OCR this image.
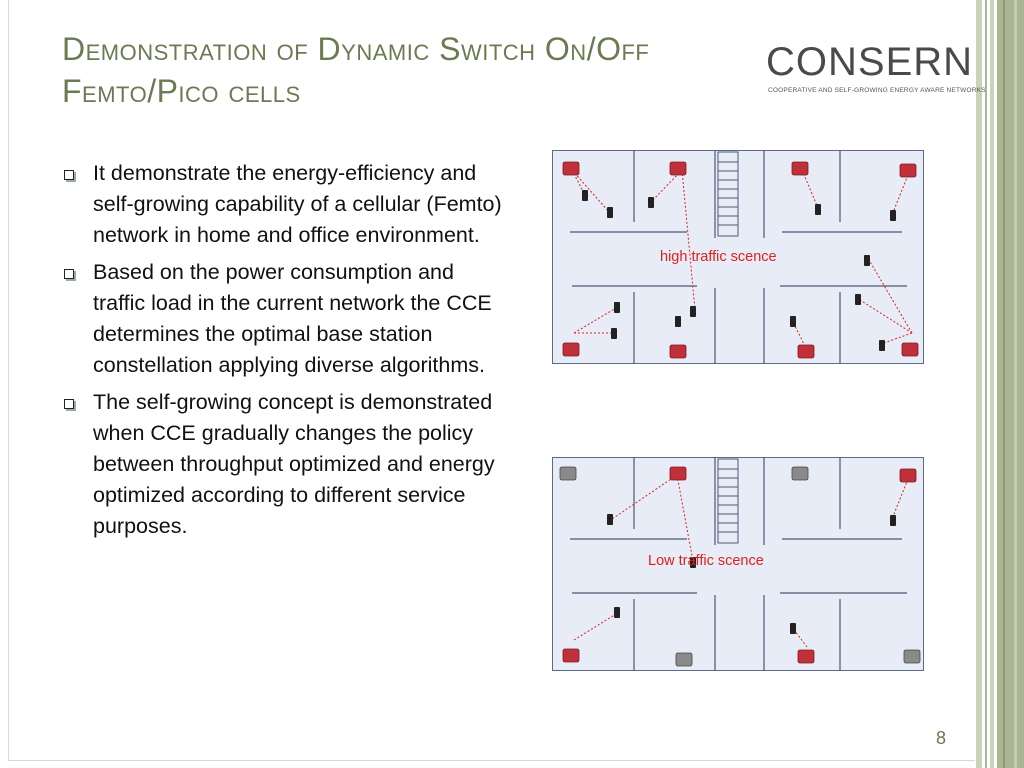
Demonstration of Dynamic Switch On/Off Femto/Pico cells
CONSERN
COOPERATIVE AND SELF-GROWING ENERGY AWARE NETWORKS
It demonstrate the energy-efficiency and self-growing capability of a cellular (Femto) network in home and office environment.
Based on the power consumption and traffic load in the current network the CCE determines the optimal base station constellation applying diverse algorithms.
The self-growing concept is demonstrated when CCE gradually changes the policy between throughput optimized and energy optimized according to different service purposes.
high traffic scence
Low traffic scence
8
